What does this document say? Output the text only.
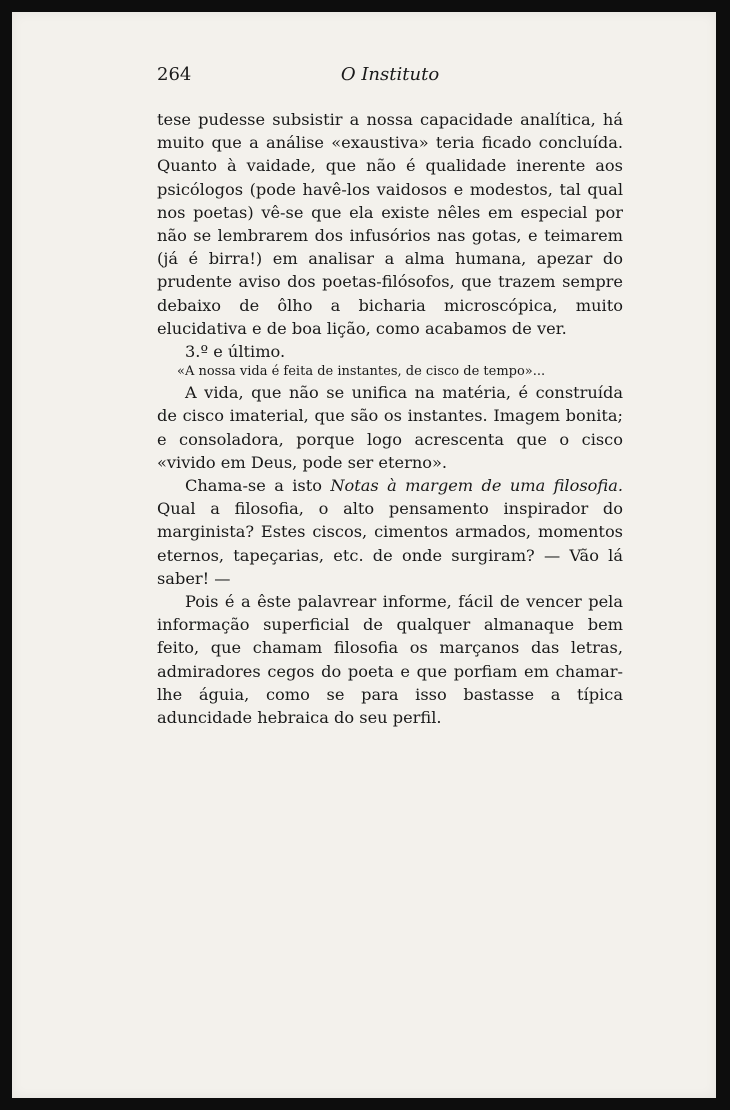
264	O Instituto

tese pudesse subsistir a nossa capacidade analítica, há muito que a análise «exaustiva» teria ficado concluída. Quanto à vaidade, que não é qualidade inerente aos psicólogos (pode havê-los vaidosos e modestos, tal qual nos poetas) vê-se que ela existe nêles em especial por não se lembrarem dos infusórios nas gotas, e teimarem (já é birra!) em analisar a alma humana, apezar do prudente aviso dos poetas-filósofos, que trazem sempre debaixo de ôlho a bicharia microscópica, muito elucidativa e de boa lição, como acabamos de ver.

3.º e último.

«A nossa vida é feita de instantes, de cisco de tempo»...

A vida, que não se unifica na matéria, é construída de cisco imaterial, que são os instantes. Imagem bonita; e consoladora, porque logo acrescenta que o cisco «vivido em Deus, pode ser eterno».

Chama-se a isto Notas à margem de uma filosofia. Qual a filosofia, o alto pensamento inspirador do marginista? Estes ciscos, cimentos armados, momentos eternos, tapeçarias, etc. de onde surgiram? — Vão lá saber! —

Pois é a êste palavrear informe, fácil de vencer pela informação superficial de qualquer almanaque bem feito, que chamam filosofia os marçanos das letras, admiradores cegos do poeta e que porfiam em chamar-lhe águia, como se para isso bastasse a típica aduncidade hebraica do seu perfil.
